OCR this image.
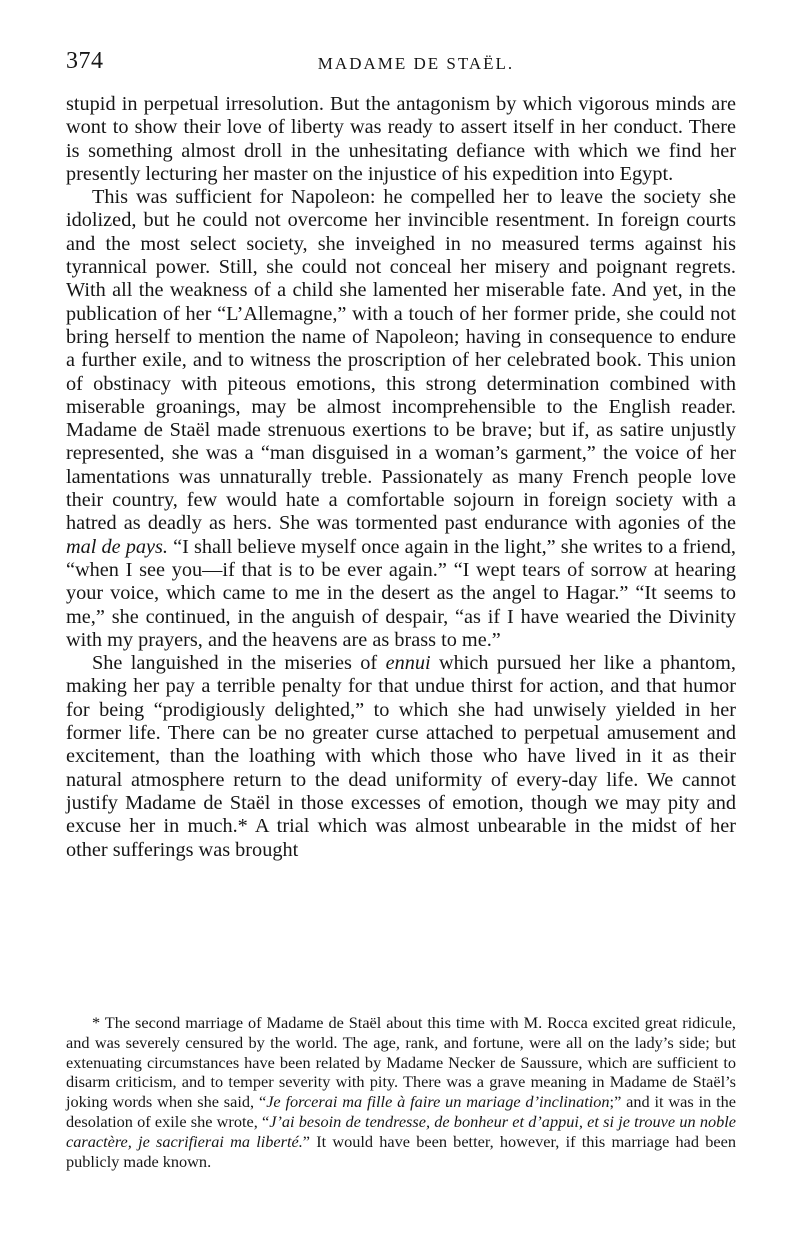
374	MADAME DE STAËL.

stupid in perpetual irresolution. But the antagonism by which vigorous minds are wont to show their love of liberty was ready to assert itself in her conduct. There is something almost droll in the unhesitating defiance with which we find her presently lecturing her master on the injustice of his expedition into Egypt.

This was sufficient for Napoleon: he compelled her to leave the society she idolized, but he could not overcome her invincible resentment. In foreign courts and the most select society, she inveighed in no measured terms against his tyrannical power. Still, she could not conceal her misery and poignant regrets. With all the weakness of a child she lamented her miserable fate. And yet, in the publication of her “L’Allemagne,” with a touch of her former pride, she could not bring herself to mention the name of Napoleon; having in consequence to endure a further exile, and to witness the proscription of her celebrated book. This union of obstinacy with piteous emotions, this strong determination combined with miserable groanings, may be almost incomprehensible to the English reader. Madame de Staël made strenuous exertions to be brave; but if, as satire unjustly represented, she was a “man disguised in a woman’s garment,” the voice of her lamentations was unnaturally treble. Passionately as many French people love their country, few would hate a comfortable sojourn in foreign society with a hatred as deadly as hers. She was tormented past endurance with agonies of the mal de pays. “I shall believe myself once again in the light,” she writes to a friend, “when I see you—if that is to be ever again.” “I wept tears of sorrow at hearing your voice, which came to me in the desert as the angel to Hagar.” “It seems to me,” she continued, in the anguish of despair, “as if I have wearied the Divinity with my prayers, and the heavens are as brass to me.”

She languished in the miseries of ennui which pursued her like a phantom, making her pay a terrible penalty for that undue thirst for action, and that humor for being “prodigiously delighted,” to which she had unwisely yielded in her former life. There can be no greater curse attached to perpetual amusement and excitement, than the loathing with which those who have lived in it as their natural atmosphere return to the dead uniformity of every-day life. We cannot justify Madame de Staël in those excesses of emotion, though we may pity and excuse her in much.* A trial which was almost unbearable in the midst of her other sufferings was brought

* The second marriage of Madame de Staël about this time with M. Rocca excited great ridicule, and was severely censured by the world. The age, rank, and fortune, were all on the lady’s side; but extenuating circumstances have been related by Madame Necker de Saussure, which are sufficient to disarm criticism, and to temper severity with pity. There was a grave meaning in Madame de Staël’s joking words when she said, “Je forcerai ma fille à faire un mariage d’inclination;” and it was in the desolation of exile she wrote, “J’ai besoin de tendresse, de bonheur et d’appui, et si je trouve un noble caractère, je sacrifierai ma liberté.” It would have been better, however, if this marriage had been publicly made known.
